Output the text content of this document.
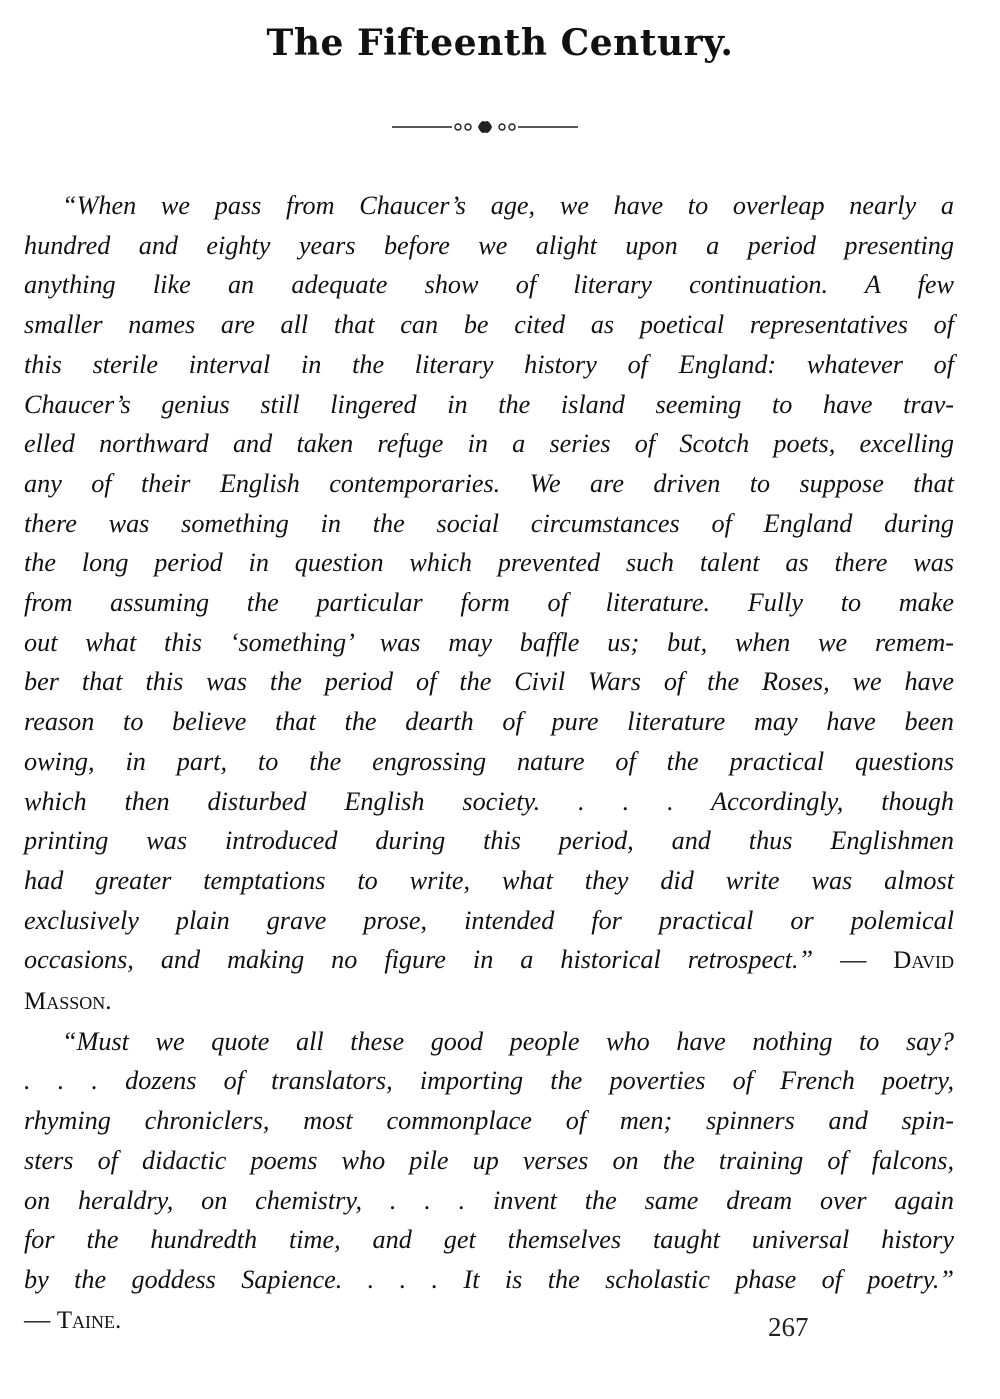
The Fifteenth Century.

“When we pass from Chaucer’s age, we have to overleap nearly a
hundred and eighty years before we alight upon a period presenting
anything like an adequate show of literary continuation. A few
smaller names are all that can be cited as poetical representatives of
this sterile interval in the literary history of England: whatever of
Chaucer’s genius still lingered in the island seeming to have trav-
elled northward and taken refuge in a series of Scotch poets, excelling
any of their English contemporaries. We are driven to suppose that
there was something in the social circumstances of England during
the long period in question which prevented such talent as there was
from assuming the particular form of literature. Fully to make
out what this ‘something’ was may baffle us; but, when we remem-
ber that this was the period of the Civil Wars of the Roses, we have
reason to believe that the dearth of pure literature may have been
owing, in part, to the engrossing nature of the practical questions
which then disturbed English society. . . . Accordingly, though
printing was introduced during this period, and thus Englishmen
had greater temptations to write, what they did write was almost
exclusively plain grave prose, intended for practical or polemical
occasions, and making no figure in a historical retrospect.” — David
Masson.

“Must we quote all these good people who have nothing to say?
. . . dozens of translators, importing the poverties of French poetry,
rhyming chroniclers, most commonplace of men; spinners and spin-
sters of didactic poems who pile up verses on the training of falcons,
on heraldry, on chemistry, . . . invent the same dream over again
for the hundredth time, and get themselves taught universal history
by the goddess Sapience. . . . It is the scholastic phase of poetry.”
— Taine.	267
